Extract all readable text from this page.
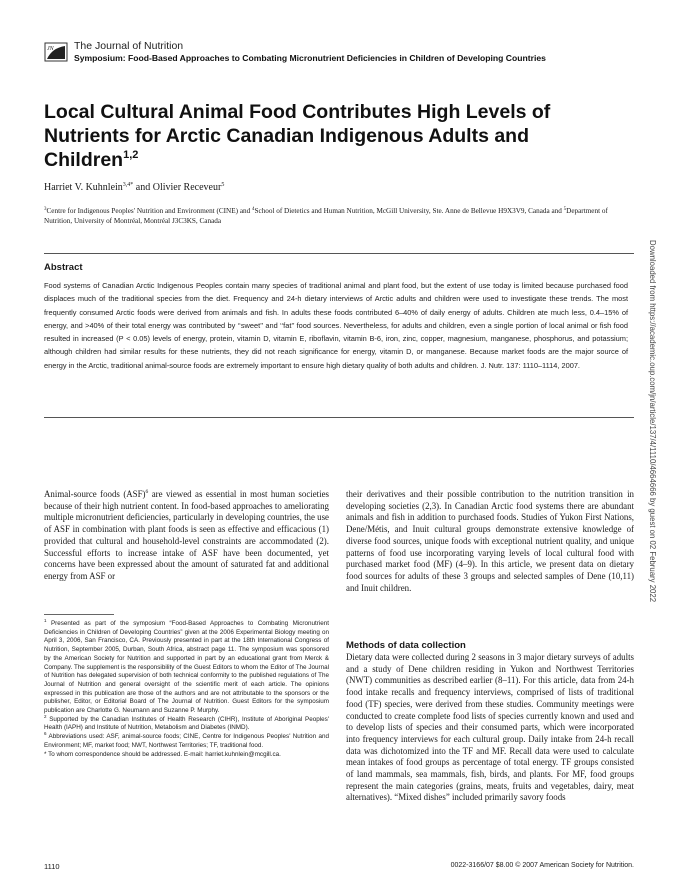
JN The Journal of Nutrition
Symposium: Food-Based Approaches to Combating Micronutrient Deficiencies in Children of Developing Countries
Local Cultural Animal Food Contributes High Levels of Nutrients for Arctic Canadian Indigenous Adults and Children$^{1,2}$
Harriet V. Kuhnlein$^{3,4*}$ and Olivier Receveur$^5$
$^3$Centre for Indigenous Peoples' Nutrition and Environment (CINE) and $^4$School of Dietetics and Human Nutrition, McGill University, Ste. Anne de Bellevue H9X3V9, Canada and $^5$Department of Nutrition, University of Montréal, Montréal J3C3KS, Canada
Downloaded from https://academic.oup.com/jn/article/137/4/1110/4664666 by guest on 02 February 2022
Abstract

Food systems of Canadian Arctic Indigenous Peoples contain many species of traditional animal and plant food, but the extent of use today is limited because purchased food displaces much of the traditional species from the diet. Frequency and 24-h dietary interviews of Arctic adults and children were used to investigate these trends. The most frequently consumed Arctic foods were derived from animals and fish. In adults these foods contributed 6–40% of daily energy of adults. Children ate much less, 0.4–15% of energy, and >40% of their total energy was contributed by ‘‘sweet’’ and ‘‘fat’’ food sources. Nevertheless, for adults and children, even a single portion of local animal or fish food resulted in increased (P < 0.05) levels of energy, protein, vitamin D, vitamin E, riboflavin, vitamin B-6, iron, zinc, copper, magnesium, manganese, phosphorus, and potassium; although children had similar results for these nutrients, they did not reach significance for energy, vitamin D, or manganese. Because market foods are the major source of energy in the Arctic, traditional animal-source foods are extremely important to ensure high dietary quality of both adults and children. J. Nutr. 137: 1110–1114, 2007.

Animal-source foods (ASF)$^6$ are viewed as essential in most human societies because of their high nutrient content. In food-based approaches to ameliorating multiple micronutrient deficiencies, particularly in developing countries, the use of ASF in combination with plant foods is seen as effective and efficacious (1) provided that cultural and household-level constraints are accommodated (2). Successful efforts to increase intake of ASF have been documented, yet concerns have been expressed about the amount of saturated fat and additional energy from ASF or

their derivatives and their possible contribution to the nutrition transition in developing societies (2,3). In Canadian Arctic food systems there are abundant animals and fish in addition to purchased foods. Studies of Yukon First Nations, Dene/Métis, and Inuit cultural groups demonstrate extensive knowledge of diverse food sources, unique foods with exceptional nutrient quality, and unique patterns of food use incorporating varying levels of local cultural food with purchased market food (MF) (4–9). In this article, we present data on dietary food sources for adults of these 3 groups and selected samples of Dene (10,11) and Inuit children.

Methods of data collection

Dietary data were collected during 2 seasons in 3 major dietary surveys of adults and a study of Dene children residing in Yukon and Northwest Territories (NWT) communities as described earlier (8–11). For this article, data from 24-h food intake recalls and frequency interviews, comprised of lists of traditional food (TF) species, were derived from these studies. Community meetings were conducted to create complete food lists of species currently known and used and to develop lists of species and their consumed parts, which were incorporated into frequency interviews for each cultural group. Daily intake from 24-h recall data was dichotomized into the TF and MF. Recall data were used to calculate mean intakes of food groups as percentage of total energy. TF groups consisted of land mammals, sea mammals, fish, birds, and plants. For MF, food groups represent the main categories (grains, meats, fruits and vegetables, dairy, meat alternatives). “Mixed dishes” included primarily savory foods

$^1$ Presented as part of the symposium “Food-Based Approaches to Combating Micronutrient Deficiencies in Children of Developing Countries” given at the 2006 Experimental Biology meeting on April 3, 2006, San Francisco, CA. Previously presented in part at the 18th International Congress of Nutrition, September 2005, Durban, South Africa, abstract page 11. The symposium was sponsored by the American Society for Nutrition and supported in part by an educational grant from Merck & Company. The supplement is the responsibility of the Guest Editors to whom the Editor of The Journal of Nutrition has delegated supervision of both technical conformity to the published regulations of The Journal of Nutrition and general oversight of the scientific merit of each article. The opinions expressed in this publication are those of the authors and are not attributable to the sponsors or the publisher, Editor, or Editorial Board of The Journal of Nutrition. Guest Editors for the symposium publication are Charlotte G. Neumann and Suzanne P. Murphy.

$^2$ Supported by the Canadian Institutes of Health Research (CIHR), Institute of Aboriginal Peoples' Health (IAPH) and Institute of Nutrition, Metabolism and Diabetes (INMD).

$^6$ Abbreviations used: ASF, animal-source foods; CINE, Centre for Indigenous Peoples' Nutrition and Environment; MF, market food; NWT, Northwest Territories; TF, traditional food.

* To whom correspondence should be addressed. E-mail: harriet.kuhnlein@mcgill.ca.

1110	0022-3166/07 $8.00 © 2007 American Society for Nutrition.
